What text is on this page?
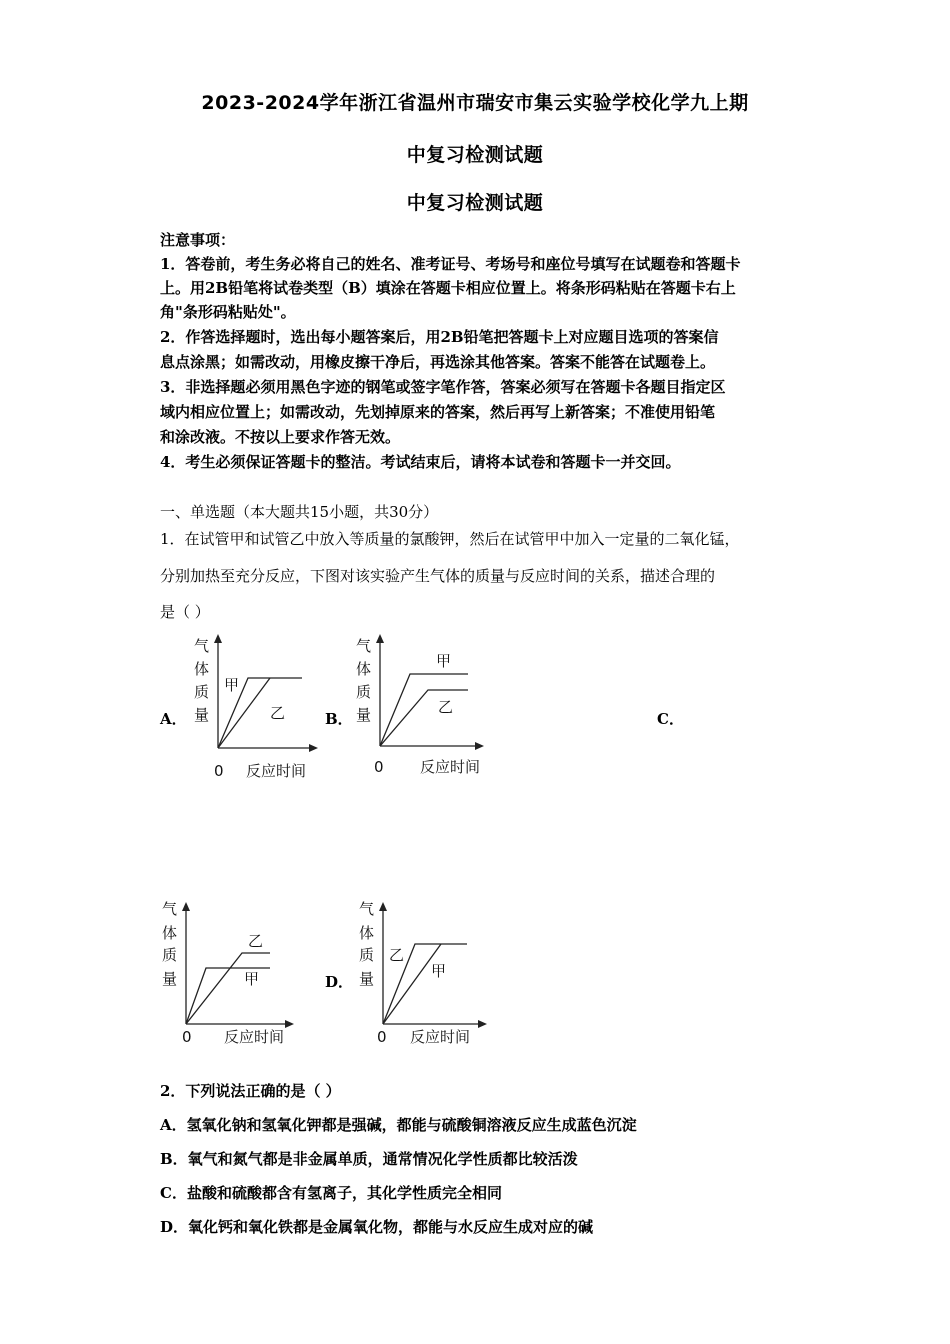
2023-2024学年浙江省温州市瑞安市集云实验学校化学九上期
中复习检测试题
中复习检测试题
注意事项：
1．答卷前，考生务必将自己的姓名、准考证号、考场号和座位号填写在试题卷和答题卡
上。用2B铅笔将试卷类型（B）填涂在答题卡相应位置上。将条形码粘贴在答题卡右上
角"条形码粘贴处"。
2．作答选择题时，选出每小题答案后，用2B铅笔把答题卡上对应题目选项的答案信
息点涂黑；如需改动，用橡皮擦干净后，再选涂其他答案。答案不能答在试题卷上。
3．非选择题必须用黑色字迹的钢笔或签字笔作答，答案必须写在答题卡各题目指定区
域内相应位置上；如需改动，先划掉原来的答案，然后再写上新答案；不准使用铅笔
和涂改液。不按以上要求作答无效。
4．考生必须保证答题卡的整洁。考试结束后，请将本试卷和答题卡一并交回。
一、单选题（本大题共15小题，共30分）
1．在试管甲和试管乙中放入等质量的氯酸钾，然后在试管甲中加入一定量的二氧化锰，
分别加热至充分反应，下图对该实验产生气体的质量与反应时间的关系，描述合理的
是（ ）
A．	B．	C．
D．
气
体
质
量
0 反应时间
甲
乙
气
体
质
量
0 反应时间
甲
乙
气
体
质
量
0 反应时间
乙
甲
气
体
质
量
0 反应时间
乙
甲
2．下列说法正确的是（ ）
A．氢氧化钠和氢氧化钾都是强碱，都能与硫酸铜溶液反应生成蓝色沉淀
B．氧气和氮气都是非金属单质，通常情况化学性质都比较活泼
C．盐酸和硫酸都含有氢离子，其化学性质完全相同
D．氧化钙和氧化铁都是金属氧化物，都能与水反应生成对应的碱
